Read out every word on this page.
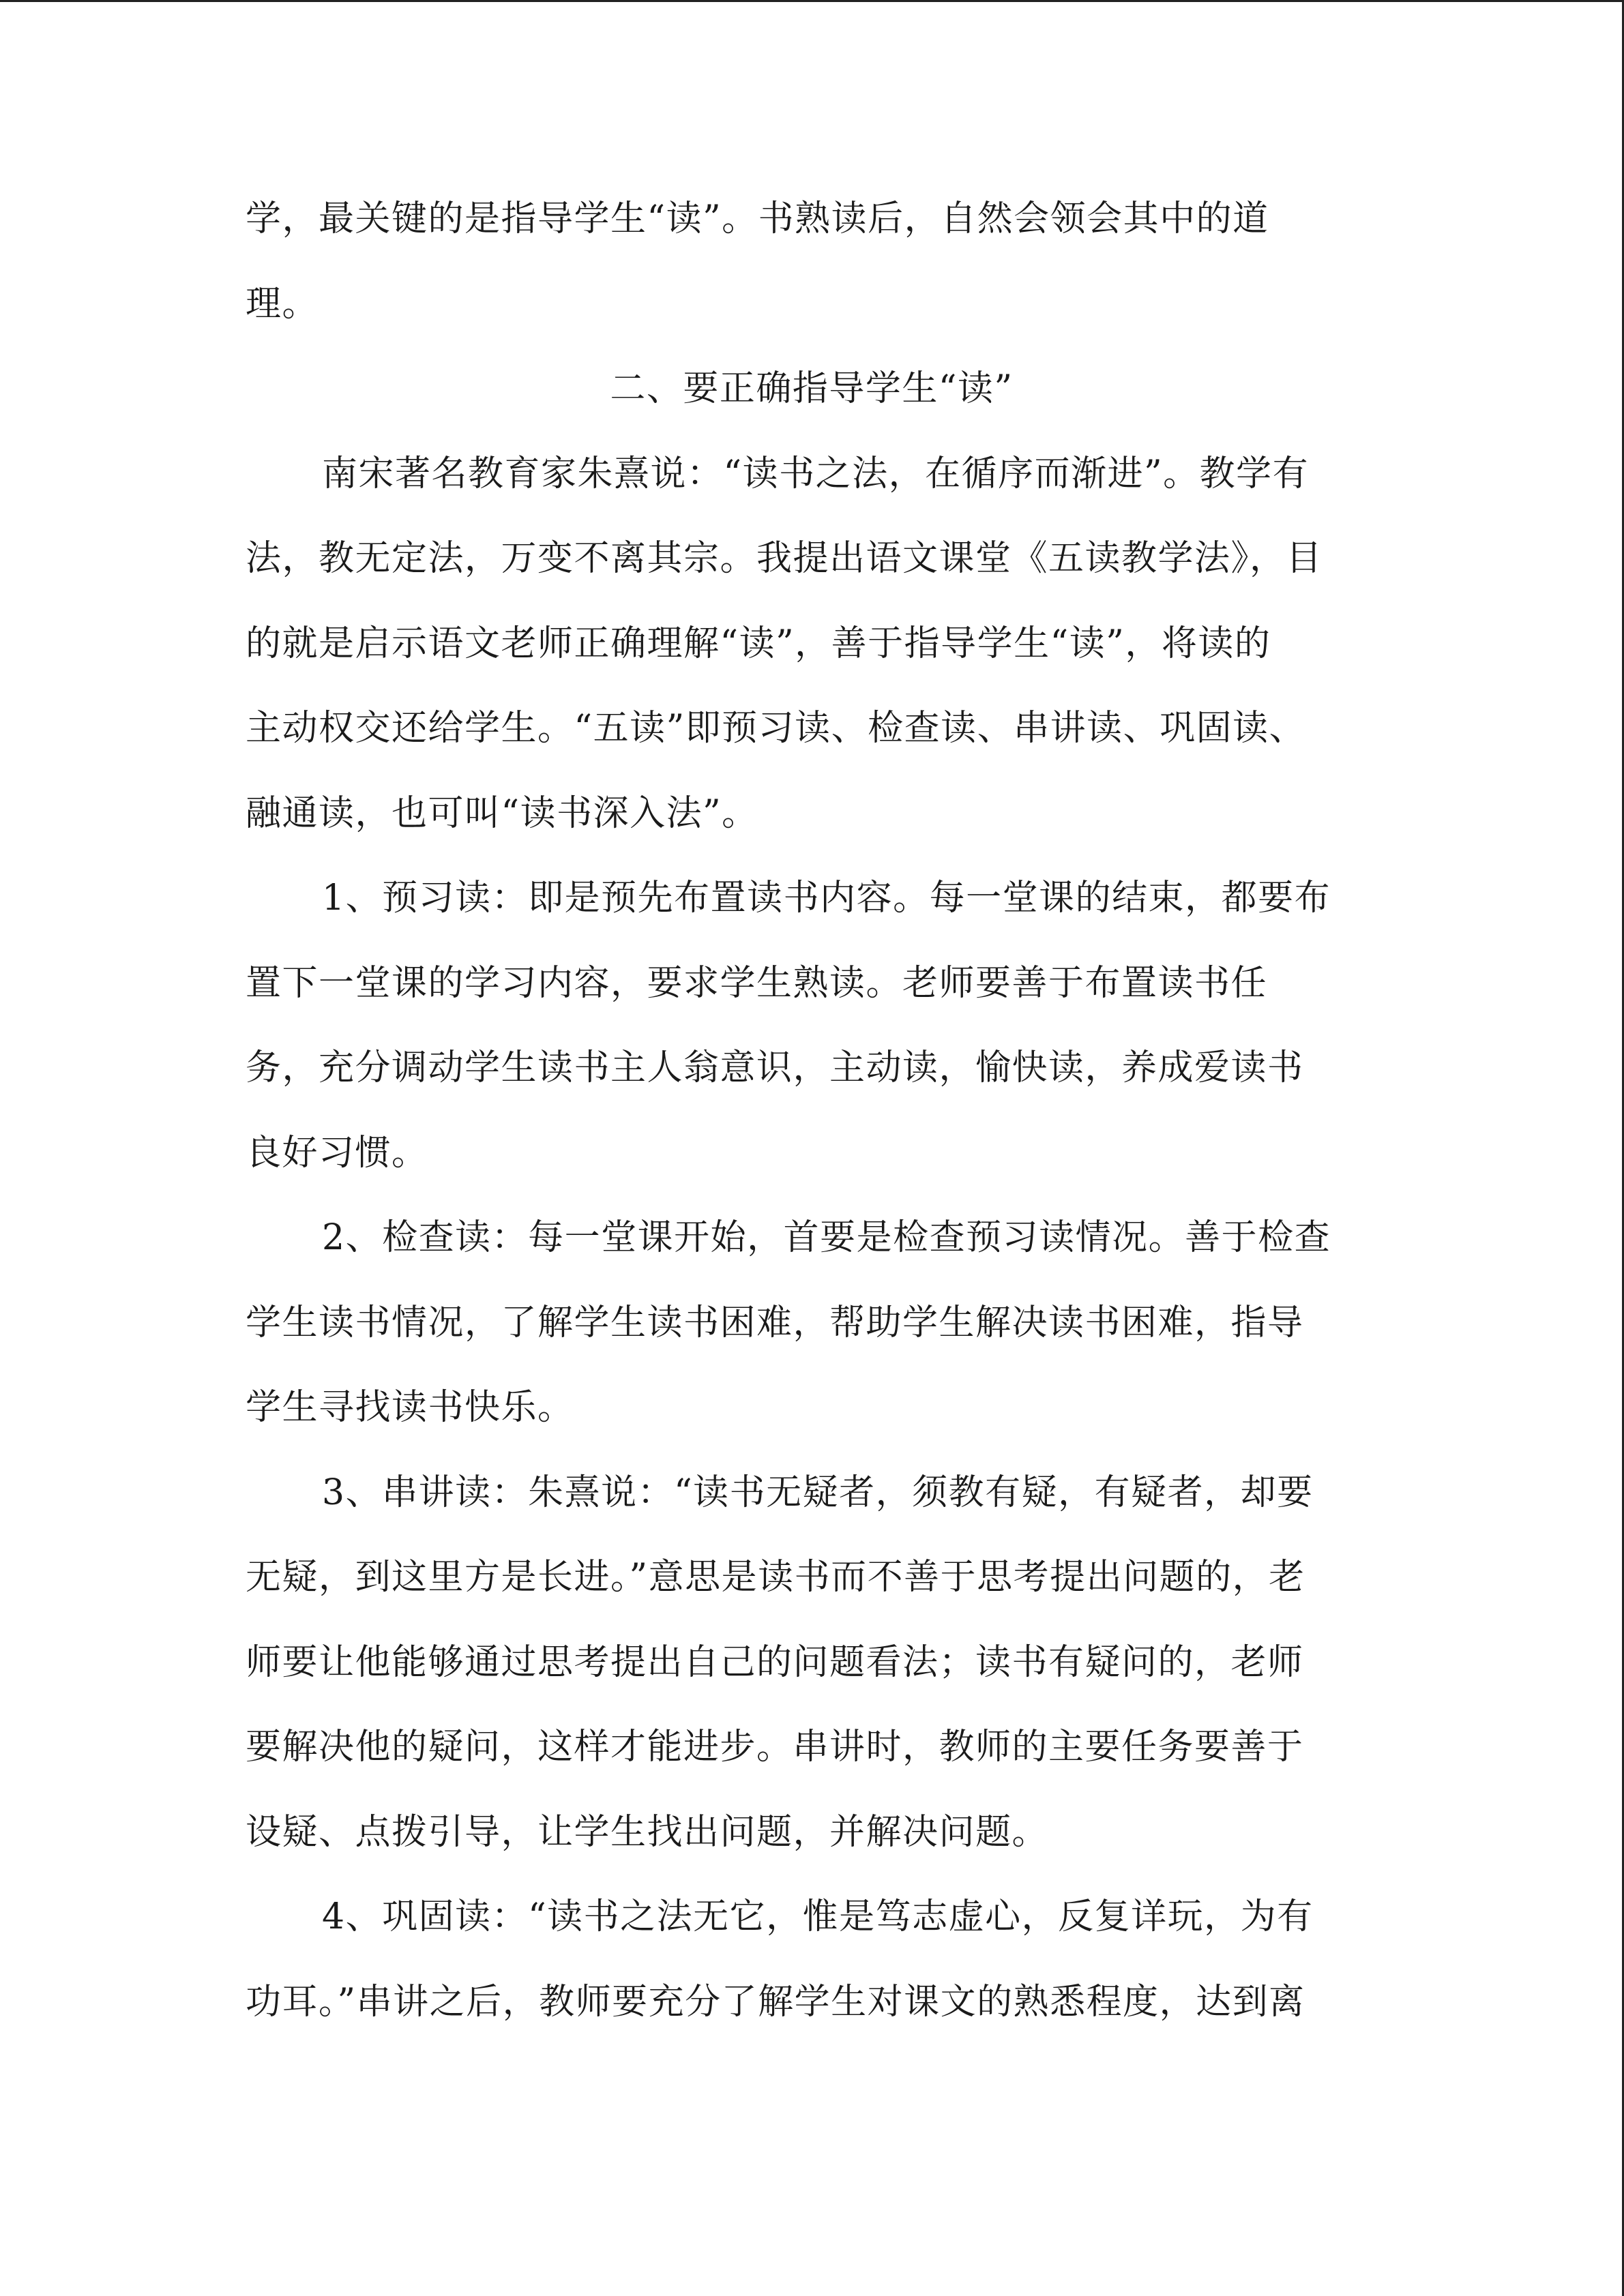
学，最关键的是指导学生“读”。书熟读后，自然会领会其中的道
理。
二、要正确指导学生“读”
南宋著名教育家朱熹说：“读书之法，在循序而渐进”。教学有
法，教无定法，万变不离其宗。我提出语文课堂《五读教学法》，目
的就是启示语文老师正确理解“读”，善于指导学生“读”，将读的
主动权交还给学生。“五读”即预习读、检查读、串讲读、巩固读、
融通读，也可叫“读书深入法”。
1、预习读：即是预先布置读书内容。每一堂课的结束，都要布
置下一堂课的学习内容，要求学生熟读。老师要善于布置读书任
务，充分调动学生读书主人翁意识，主动读，愉快读，养成爱读书
良好习惯。
2、检查读：每一堂课开始，首要是检查预习读情况。善于检查
学生读书情况，了解学生读书困难，帮助学生解决读书困难，指导
学生寻找读书快乐。
3、串讲读：朱熹说：“读书无疑者，须教有疑，有疑者，却要
无疑，到这里方是长进。”意思是读书而不善于思考提出问题的，老
师要让他能够通过思考提出自己的问题看法；读书有疑问的，老师
要解决他的疑问，这样才能进步。串讲时，教师的主要任务要善于
设疑、点拨引导，让学生找出问题，并解决问题。
4、巩固读：“读书之法无它，惟是笃志虚心，反复详玩，为有
功耳。”串讲之后，教师要充分了解学生对课文的熟悉程度，达到离
